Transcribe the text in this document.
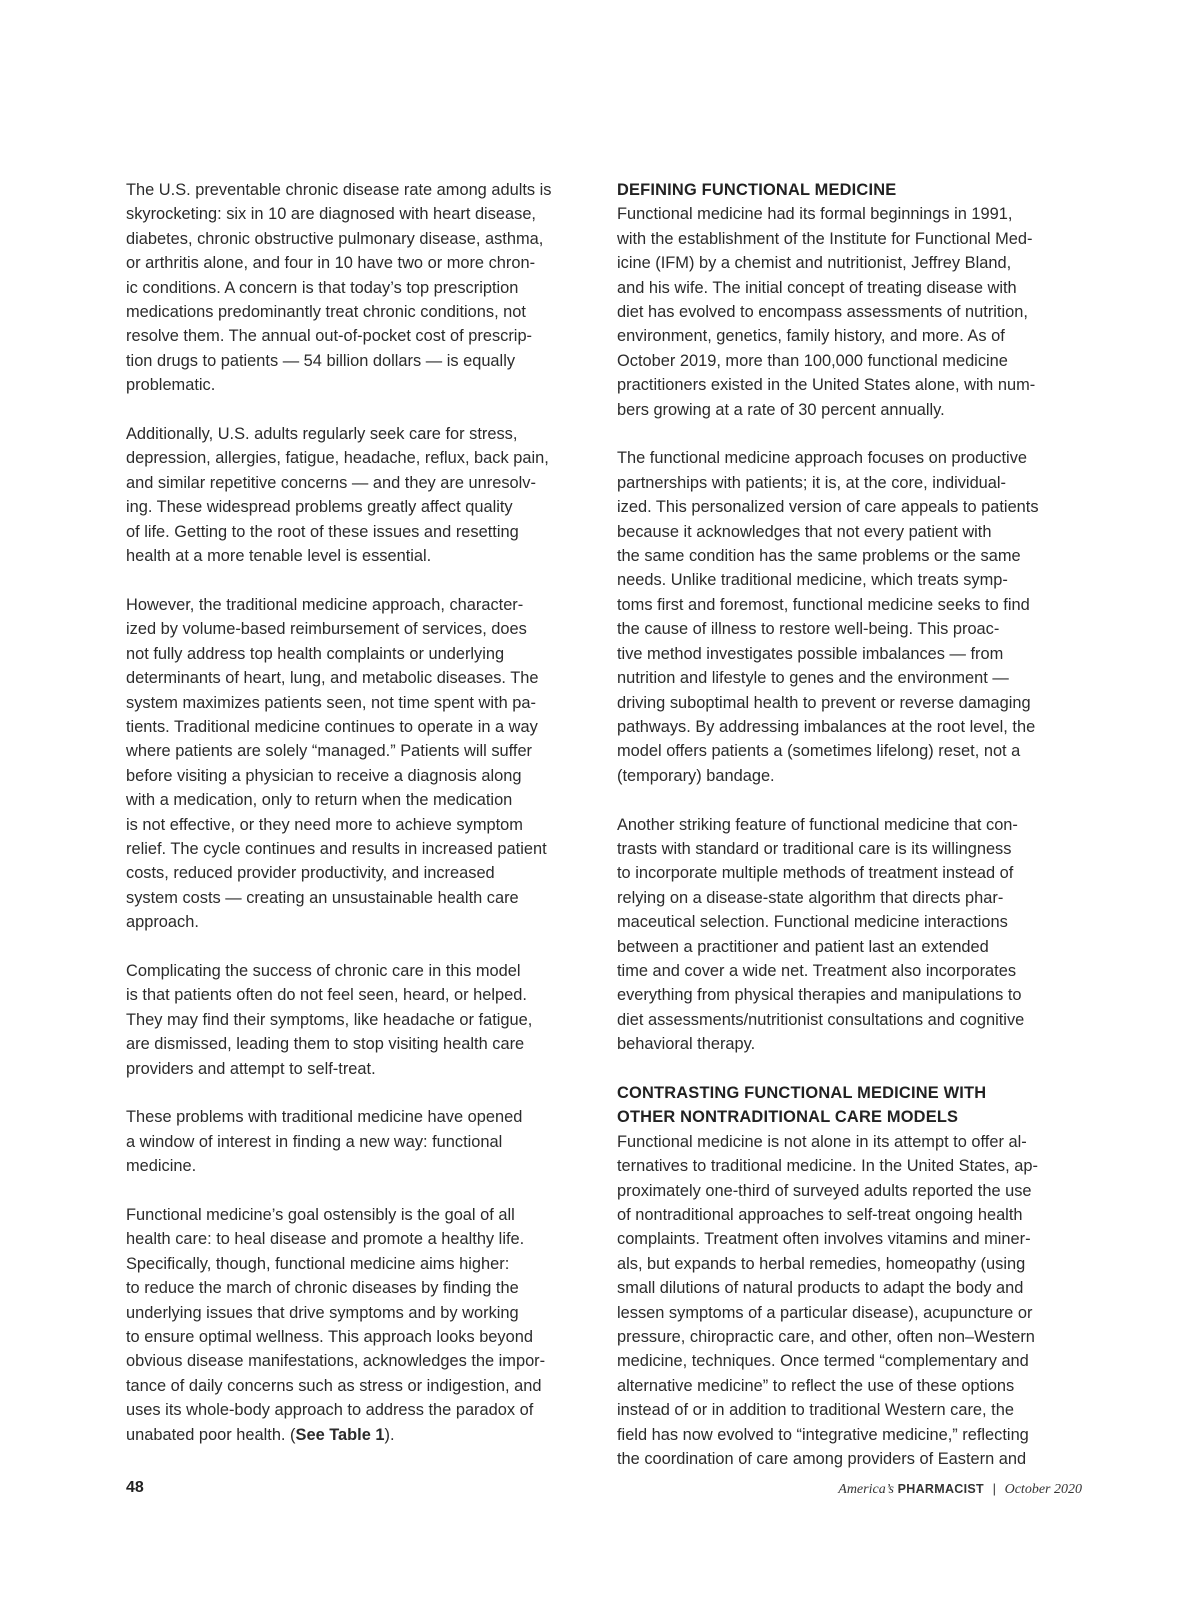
The U.S. preventable chronic disease rate among adults is
skyrocketing: six in 10 are diagnosed with heart disease,
diabetes, chronic obstructive pulmonary disease, asthma,
or arthritis alone, and four in 10 have two or more chron-
ic conditions. A concern is that today’s top prescription
medications predominantly treat chronic conditions, not
resolve them. The annual out-of-pocket cost of prescrip-
tion drugs to patients — 54 billion dollars — is equally
problematic.

Additionally, U.S. adults regularly seek care for stress,
depression, allergies, fatigue, headache, reflux, back pain,
and similar repetitive concerns — and they are unresolv-
ing. These widespread problems greatly affect quality
of life. Getting to the root of these issues and resetting
health at a more tenable level is essential.

However, the traditional medicine approach, character-
ized by volume-based reimbursement of services, does
not fully address top health complaints or underlying
determinants of heart, lung, and metabolic diseases. The
system maximizes patients seen, not time spent with pa-
tients. Traditional medicine continues to operate in a way
where patients are solely “managed.” Patients will suffer
before visiting a physician to receive a diagnosis along
with a medication, only to return when the medication
is not effective, or they need more to achieve symptom
relief. The cycle continues and results in increased patient
costs, reduced provider productivity, and increased
system costs — creating an unsustainable health care
approach.

Complicating the success of chronic care in this model
is that patients often do not feel seen, heard, or helped.
They may find their symptoms, like headache or fatigue,
are dismissed, leading them to stop visiting health care
providers and attempt to self-treat.

These problems with traditional medicine have opened
a window of interest in finding a new way: functional
medicine.

Functional medicine’s goal ostensibly is the goal of all
health care: to heal disease and promote a healthy life.
Specifically, though, functional medicine aims higher:
to reduce the march of chronic diseases by finding the
underlying issues that drive symptoms and by working
to ensure optimal wellness. This approach looks beyond
obvious disease manifestations, acknowledges the impor-
tance of daily concerns such as stress or indigestion, and
uses its whole-body approach to address the paradox of
unabated poor health. (See Table 1).

DEFINING FUNCTIONAL MEDICINE

Functional medicine had its formal beginnings in 1991,
with the establishment of the Institute for Functional Med-
icine (IFM) by a chemist and nutritionist, Jeffrey Bland,
and his wife. The initial concept of treating disease with
diet has evolved to encompass assessments of nutrition,
environment, genetics, family history, and more. As of
October 2019, more than 100,000 functional medicine
practitioners existed in the United States alone, with num-
bers growing at a rate of 30 percent annually.

The functional medicine approach focuses on productive
partnerships with patients; it is, at the core, individual-
ized. This personalized version of care appeals to patients
because it acknowledges that not every patient with
the same condition has the same problems or the same
needs. Unlike traditional medicine, which treats symp-
toms first and foremost, functional medicine seeks to find
the cause of illness to restore well-being. This proac-
tive method investigates possible imbalances — from
nutrition and lifestyle to genes and the environment —
driving suboptimal health to prevent or reverse damaging
pathways. By addressing imbalances at the root level, the
model offers patients a (sometimes lifelong) reset, not a
(temporary) bandage.

Another striking feature of functional medicine that con-
trasts with standard or traditional care is its willingness
to incorporate multiple methods of treatment instead of
relying on a disease-state algorithm that directs phar-
maceutical selection. Functional medicine interactions
between a practitioner and patient last an extended
time and cover a wide net. Treatment also incorporates
everything from physical therapies and manipulations to
diet assessments/nutritionist consultations and cognitive
behavioral therapy.

CONTRASTING FUNCTIONAL MEDICINE WITH
OTHER NONTRADITIONAL CARE MODELS

Functional medicine is not alone in its attempt to offer al-
ternatives to traditional medicine. In the United States, ap-
proximately one-third of surveyed adults reported the use
of nontraditional approaches to self-treat ongoing health
complaints. Treatment often involves vitamins and miner-
als, but expands to herbal remedies, homeopathy (using
small dilutions of natural products to adapt the body and
lessen symptoms of a particular disease), acupuncture or
pressure, chiropractic care, and other, often non–Western
medicine, techniques. Once termed “complementary and
alternative medicine” to reflect the use of these options
instead of or in addition to traditional Western care, the
field has now evolved to “integrative medicine,” reflecting
the coordination of care among providers of Eastern and

48	America’s PHARMACIST | October 2020
